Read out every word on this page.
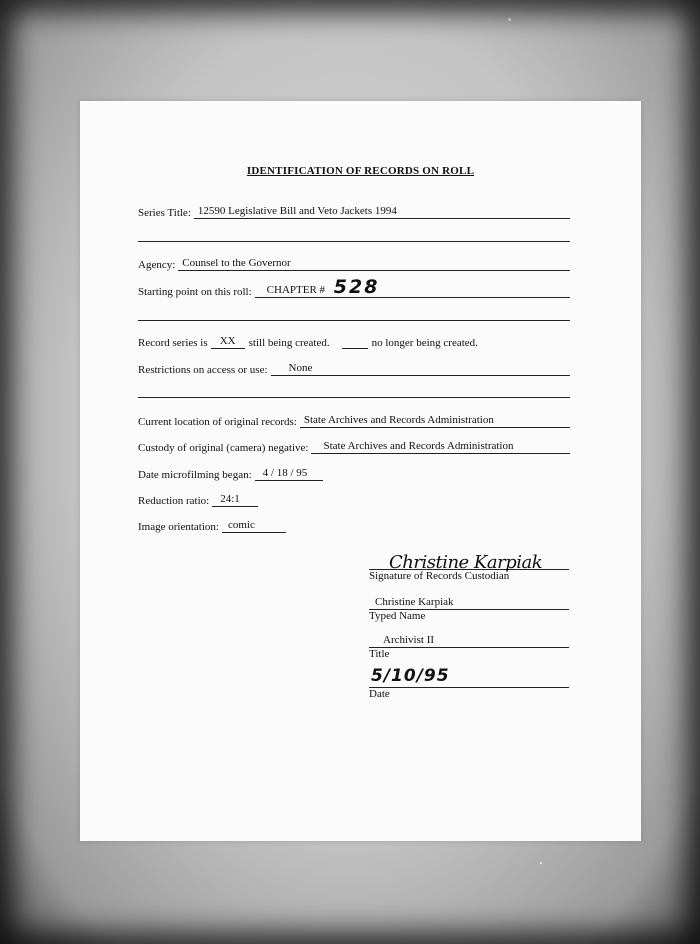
IDENTIFICATION OF RECORDS ON ROLL
Series Title: 12590 Legislative Bill and Veto Jackets 1994
Agency: Counsel to the Governor
Starting point on this roll:	CHAPTER # 528
Record series is	XX	still being created.	no longer being created.
Restrictions on access or use:	None
Current location of original records: State Archives and Records Administration
Custody of original (camera) negative:	State Archives and Records Administration
Date microfilming began:	4 / 18 / 95
Reduction ratio:	24:1
Image orientation: comic
Christine Karpiak
Signature of Records Custodian
Christine Karpiak
Typed Name
Archivist II
Title
5/10/95
Date
